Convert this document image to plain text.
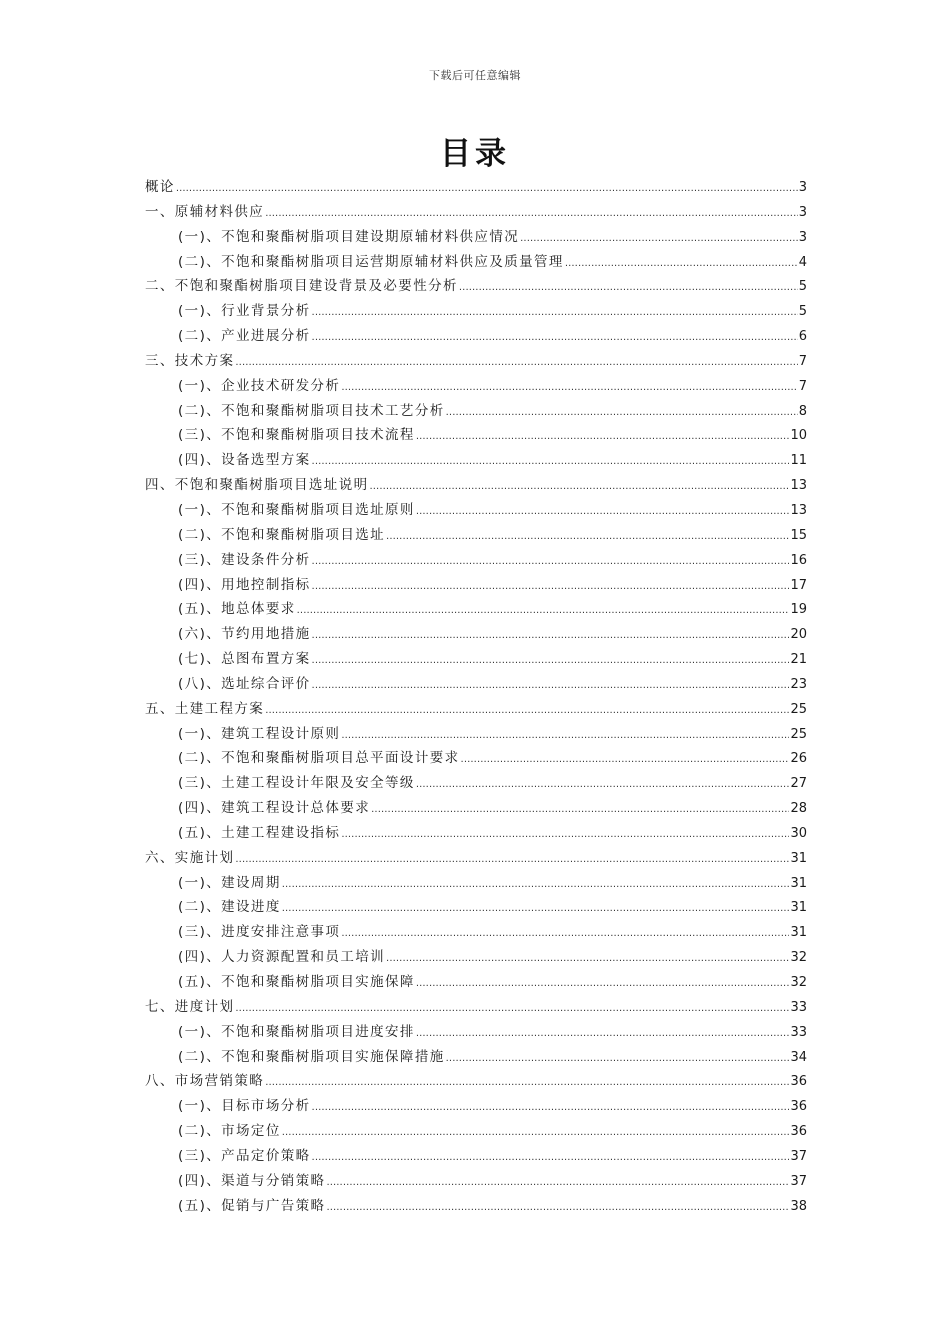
下载后可任意编辑
目录
概论 .....	3
一、原辅材料供应 .....	3
(一)、不饱和聚酯树脂项目建设期原辅材料供应情况 .....	3
(二)、不饱和聚酯树脂项目运营期原辅材料供应及质量管理 .....	4
二、不饱和聚酯树脂项目建设背景及必要性分析 .....	5
(一)、行业背景分析 .....	5
(二)、产业进展分析 .....	6
三、技术方案 .....	7
(一)、企业技术研发分析 .....	7
(二)、不饱和聚酯树脂项目技术工艺分析 .....	8
(三)、不饱和聚酯树脂项目技术流程 .....	10
(四)、设备选型方案 .....	11
四、不饱和聚酯树脂项目选址说明 .....	13
(一)、不饱和聚酯树脂项目选址原则 .....	13
(二)、不饱和聚酯树脂项目选址 .....	15
(三)、建设条件分析 .....	16
(四)、用地控制指标 .....	17
(五)、地总体要求 .....	19
(六)、节约用地措施 .....	20
(七)、总图布置方案 .....	21
(八)、选址综合评价 .....	23
五、土建工程方案 .....	25
(一)、建筑工程设计原则 .....	25
(二)、不饱和聚酯树脂项目总平面设计要求 .....	26
(三)、土建工程设计年限及安全等级 .....	27
(四)、建筑工程设计总体要求 .....	28
(五)、土建工程建设指标 .....	30
六、实施计划 .....	31
(一)、建设周期 .....	31
(二)、建设进度 .....	31
(三)、进度安排注意事项 .....	31
(四)、人力资源配置和员工培训 .....	32
(五)、不饱和聚酯树脂项目实施保障 .....	32
七、进度计划 .....	33
(一)、不饱和聚酯树脂项目进度安排 .....	33
(二)、不饱和聚酯树脂项目实施保障措施 .....	34
八、市场营销策略 .....	36
(一)、目标市场分析 .....	36
(二)、市场定位 .....	36
(三)、产品定价策略 .....	37
(四)、渠道与分销策略 .....	37
(五)、促销与广告策略 .....	38
